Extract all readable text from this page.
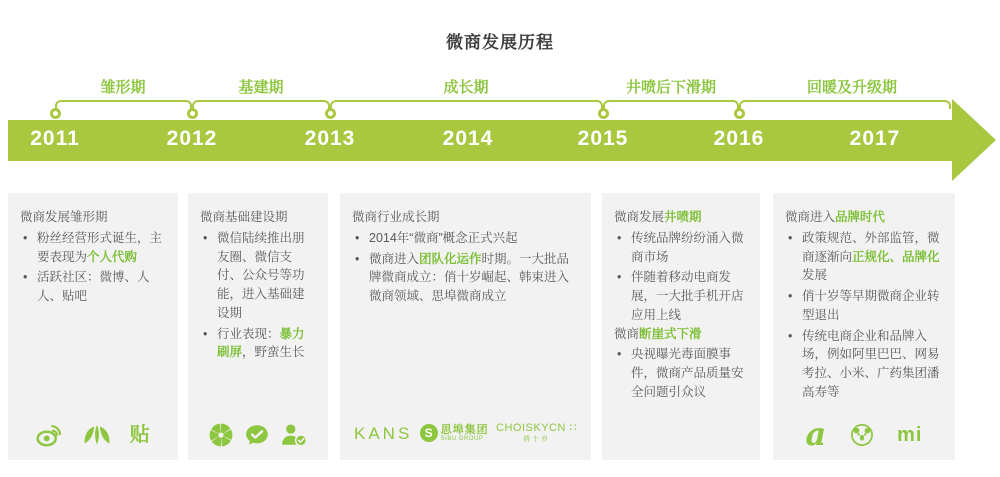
微商发展历程
雏形期	基建期	成长期	井喷后下滑期	回暖及升级期
2011	2012	2013	2014	2015	2016	2017
微商发展雏形期
• 粉丝经营形式诞生，主要表现为个人代购
• 活跃社区：微博、人人、贴吧
贴
微商基础建设期
• 微信陆续推出朋友圈、微信支付、公众号等功能，进入基础建设期
• 行业表现：暴力刷屏，野蛮生长
微商行业成长期
• 2014年“微商”概念正式兴起
• 微商进入团队化运作时期。一大批品牌微商成立：俏十岁崛起、韩束进入微商领域、思埠微商成立
KANS	S 思埠集团
SIBU GROUP
CHOISKYCN ∷
俏十岁
微商发展井喷期
• 传统品牌纷纷涌入微商市场
• 伴随着移动电商发展，一大批手机开店应用上线
微商断崖式下滑
• 央视曝光毒面膜事件，微商产品质量安全问题引众议
微商进入品牌时代
• 政策规范、外部监管，微商逐渐向正规化、品牌化发展
• 俏十岁等早期微商企业转型退出
• 传统电商企业和品牌入场，例如阿里巴巴、网易考拉、小米、广药集团潘高寿等
a	mi
